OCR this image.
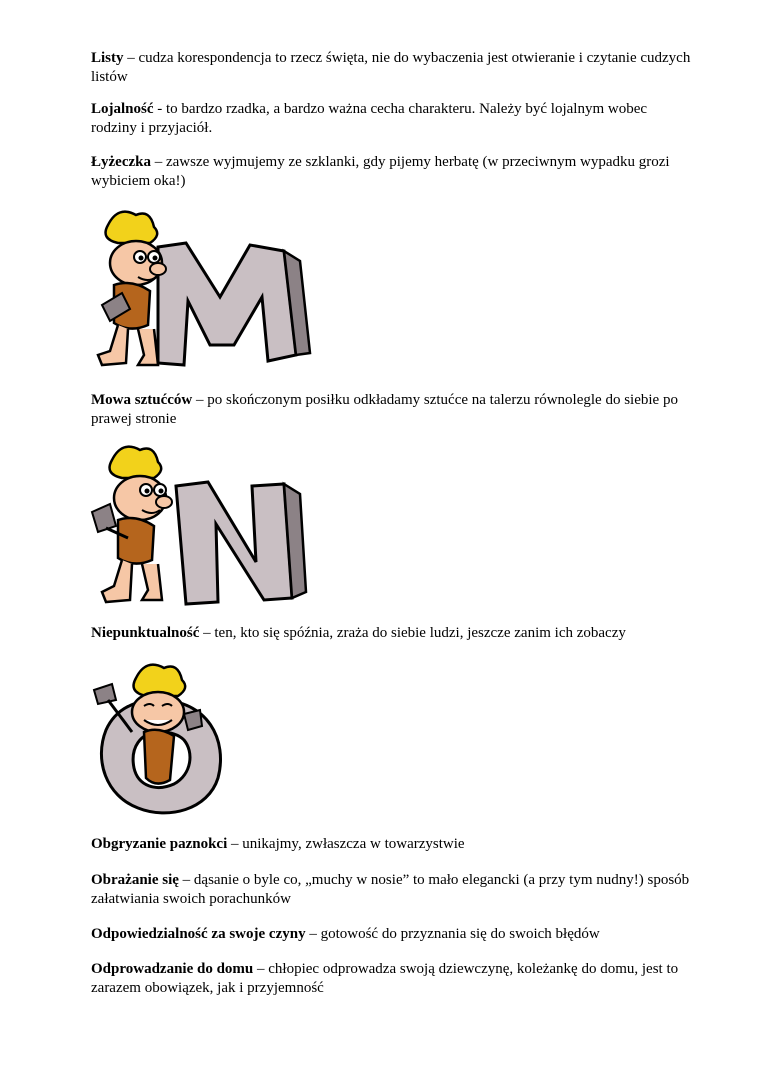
Listy – cudza korespondencja to rzecz święta, nie do wybaczenia jest otwieranie i czytanie cudzych listów
Lojalność - to bardzo rzadka, a bardzo ważna cecha charakteru. Należy być lojalnym wobec rodziny i przyjaciół.
Łyżeczka – zawsze wyjmujemy ze szklanki, gdy pijemy herbatę (w przeciwnym wypadku grozi wybiciem oka!)
Mowa sztućców – po skończonym posiłku odkładamy sztućce na talerzu równolegle do siebie po prawej stronie
Niepunktualność – ten, kto się spóźnia, zraża do siebie ludzi, jeszcze zanim ich zobaczy
Obgryzanie paznokci – unikajmy, zwłaszcza w towarzystwie
Obrażanie się – dąsanie o byle co, „muchy w nosie” to mało elegancki (a przy tym nudny!) sposób załatwiania swoich porachunków
Odpowiedzialność za swoje czyny – gotowość do przyznania się do swoich błędów
Odprowadzanie do domu – chłopiec odprowadza swoją dziewczynę, koleżankę do domu, jest to zarazem obowiązek, jak i przyjemność
